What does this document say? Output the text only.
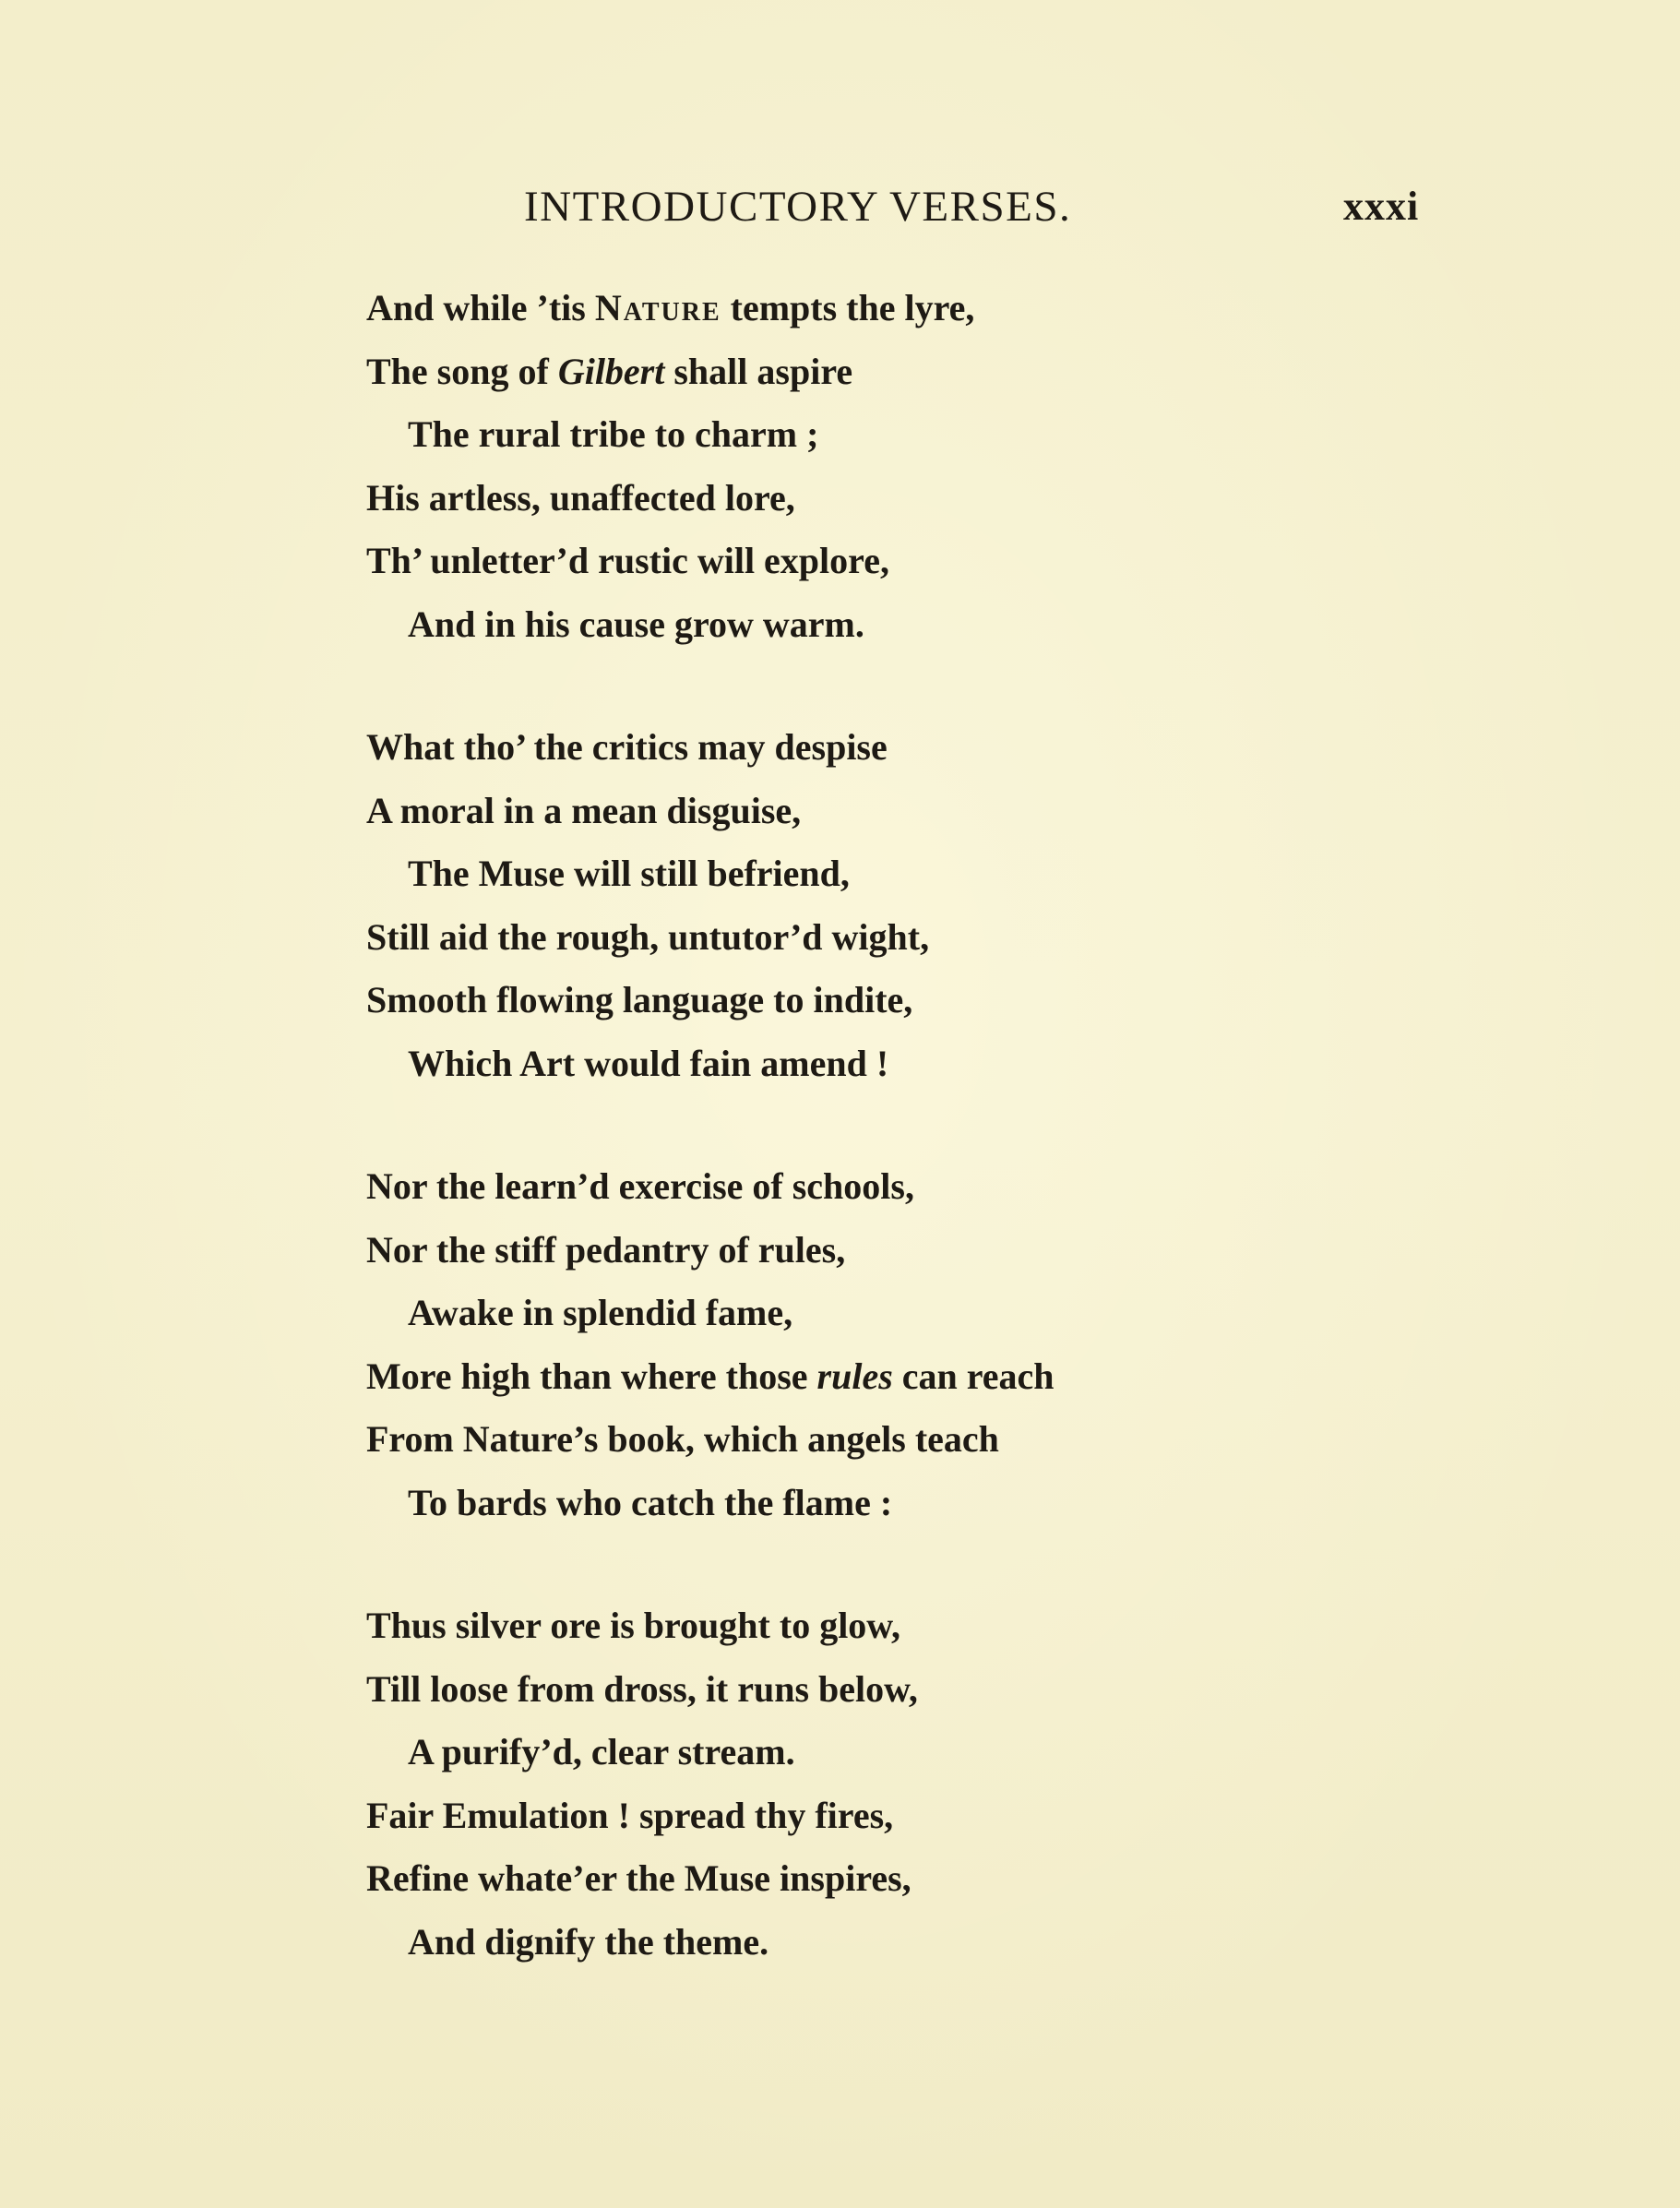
INTRODUCTORY VERSES.	xxxi
And while ’tis Nature tempts the lyre,
The song of Gilbert shall aspire
The rural tribe to charm ;
His artless, unaffected lore,
Th’ unletter’d rustic will explore,
And in his cause grow warm.
What tho’ the critics may despise
A moral in a mean disguise,
The Muse will still befriend,
Still aid the rough, untutor’d wight,
Smooth flowing language to indite,
Which Art would fain amend !
Nor the learn’d exercise of schools,
Nor the stiff pedantry of rules,
Awake in splendid fame,
More high than where those rules can reach
From Nature’s book, which angels teach
To bards who catch the flame :
Thus silver ore is brought to glow,
Till loose from dross, it runs below,
A purify’d, clear stream.
Fair Emulation ! spread thy fires,
Refine whate’er the Muse inspires,
And dignify the theme.
